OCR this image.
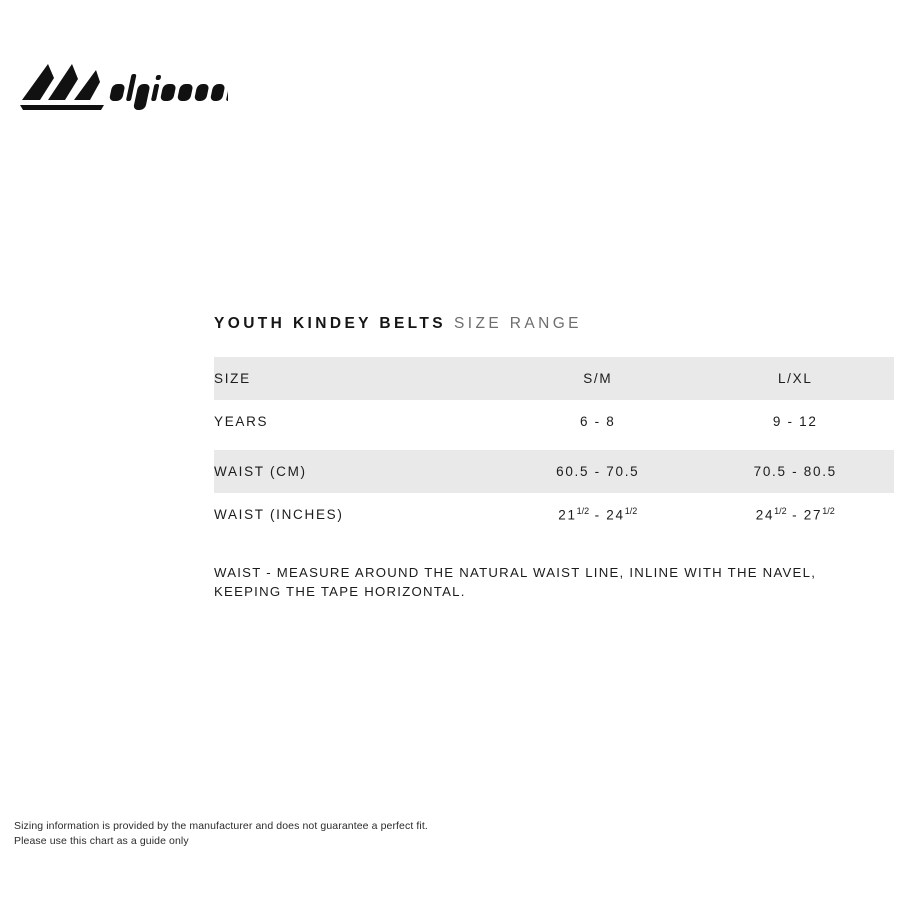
YOUTH KINDEY BELTS SIZE RANGE
SIZE	S/M	L/XL
YEARS	6 - 8	9 - 12

WAIST (CM)	60.5 - 70.5	70.5 - 80.5
WAIST (INCHES)	$21^{1/2} - 24^{1/2}$	$24^{1/2} - 27^{1/2}$
WAIST - MEASURE AROUND THE NATURAL WAIST LINE, INLINE WITH THE NAVEL, KEEPING THE TAPE HORIZONTAL.
Sizing information is provided by the manufacturer and does not guarantee a perfect fit.
Please use this chart as a guide only
